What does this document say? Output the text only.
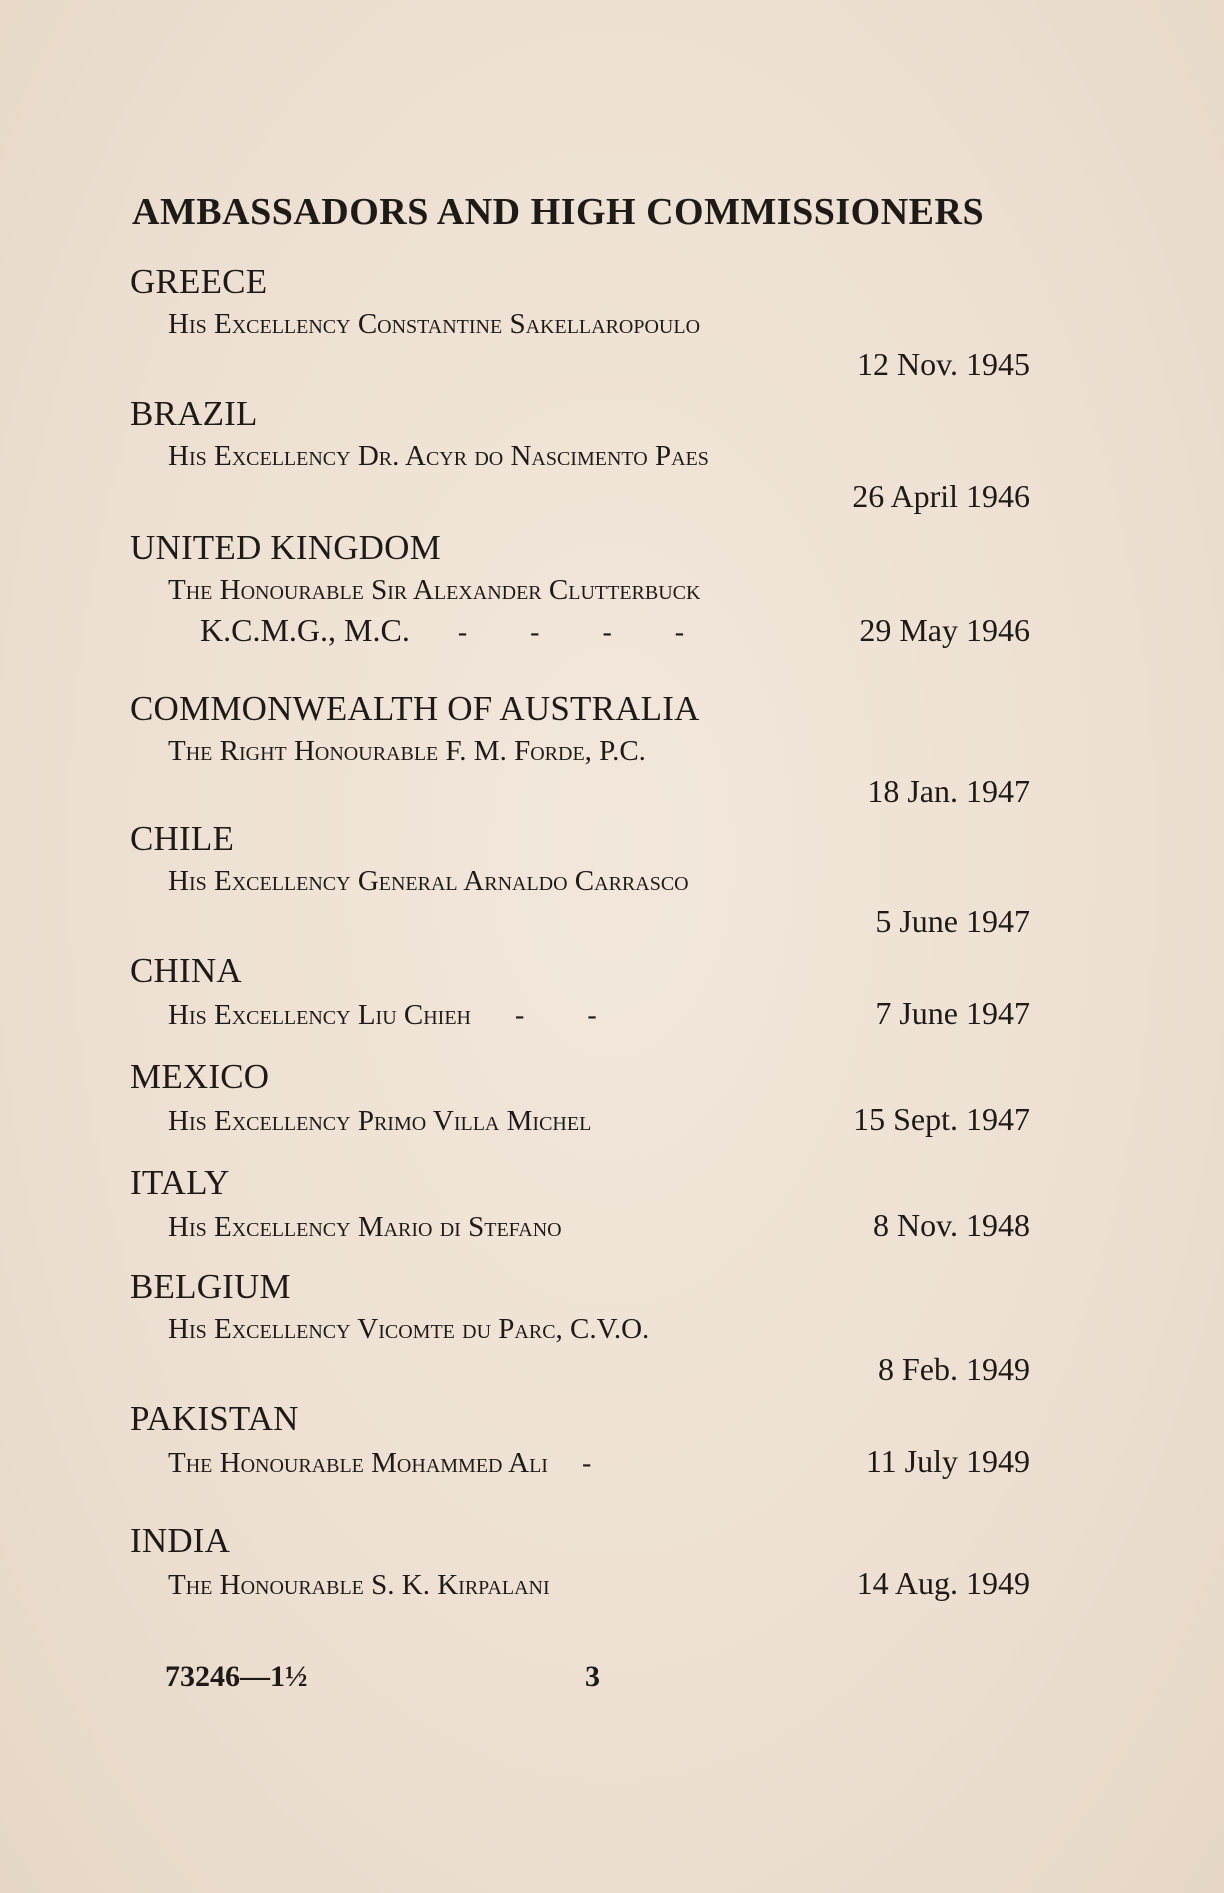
AMBASSADORS AND HIGH COMMISSIONERS
GREECE
His Excellency Constantine Sakellaropoulo
12 Nov. 1945
BRAZIL
His Excellency Dr. Acyr do Nascimento Paes
26 April 1946
UNITED KINGDOM
The Honourable Sir Alexander Clutterbuck
K.C.M.G., M.C. - - - -	29 May 1946
COMMONWEALTH OF AUSTRALIA
The Right Honourable F. M. Forde, P.C.
18 Jan. 1947
CHILE
His Excellency General Arnaldo Carrasco
5 June 1947
CHINA
His Excellency Liu Chieh - -	7 June 1947
MEXICO
His Excellency Primo Villa Michel	15 Sept. 1947
ITALY
His Excellency Mario di Stefano	8 Nov. 1948
BELGIUM
His Excellency Vicomte du Parc, C.V.O.
8 Feb. 1949
PAKISTAN
The Honourable Mohammed Ali -	11 July 1949
INDIA
The Honourable S. K. Kirpalani	14 Aug. 1949
73246—1½	3
